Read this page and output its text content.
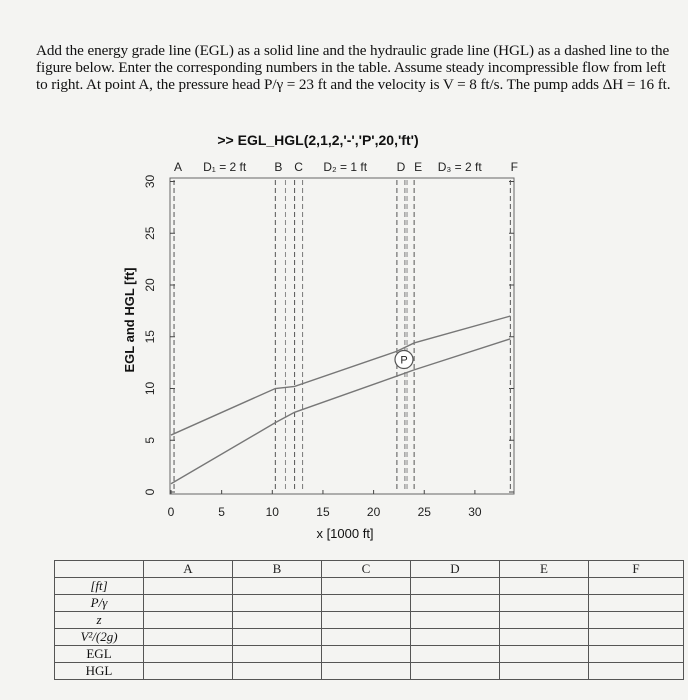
Add the energy grade line (EGL) as a solid line and the hydraulic grade line (HGL) as a dashed line to the figure below. Enter the corresponding numbers in the table. Assume steady incompressible flow from left to right. At point A, the pressure head P/γ = 23 ft and the velocity is V = 8 ft/s. The pump adds ΔH = 16 ft.

>> EGL_HGL(2,1,2,'-','P',20,'ft')
EGL and HGL [ft]
x [1000 ft]
0
5
10
15
20
25
30
0	5	10	15	20	25	30
A	B C	D E	F
D₁ = 2 ft	D₂ = 1 ft	D₃ = 2 ft
P
	A	B	C	D	E	F
[ft]						
P/γ						
z						
V²/(2g)						
EGL						
HGL						
